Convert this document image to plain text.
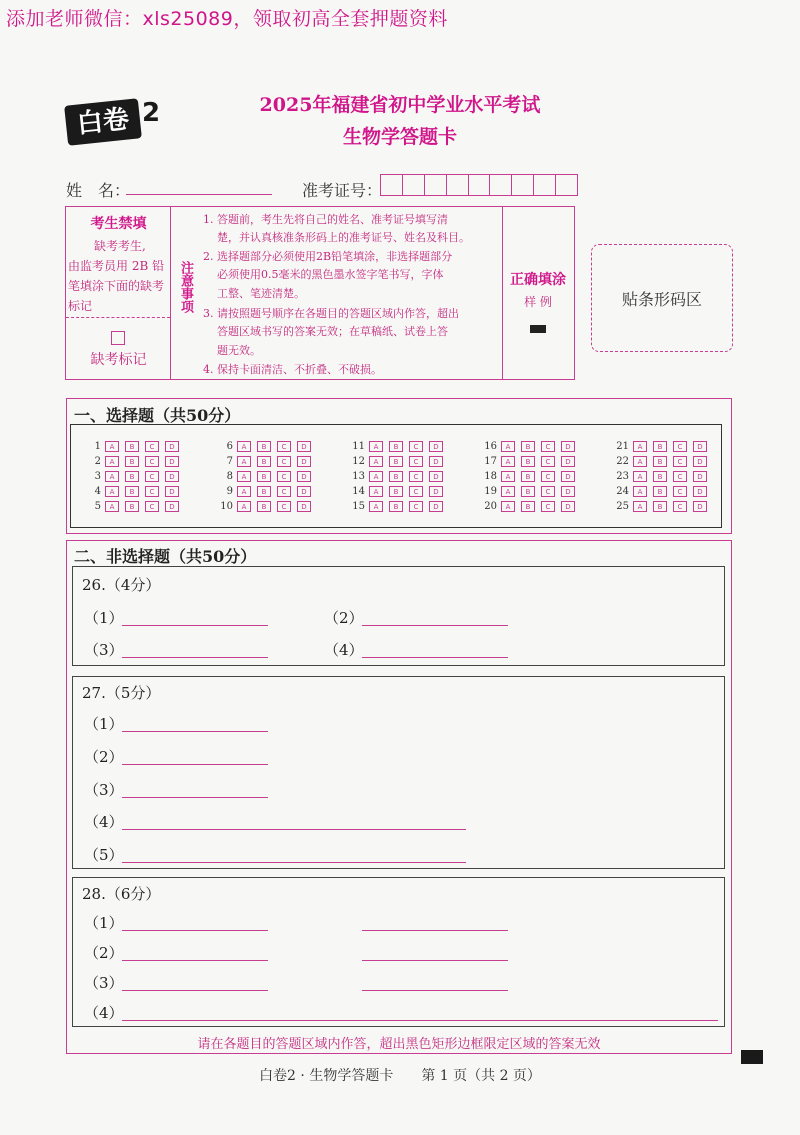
添加老师微信：xls25089，领取初高全套押题资料
白卷 2	2025年福建省初中学业水平考试
生物学答题卡
姓　名：	准考证号：
考生禁填
缺考考生,
由监考员用 2B 铅
笔填涂下面的缺考
标记
缺考标记
注意事项
1. 答题前，考生先将自己的姓名、准考证号填写清
楚，并认真核准条形码上的准考证号、姓名及科目。
2. 选择题部分必须使用2B铅笔填涂，非选择题部分
必须使用0.5毫米的黑色墨水签字笔书写，字体
工整、笔迹清楚。
3. 请按照题号顺序在各题目的答题区域内作答，超出
答题区域书写的答案无效；在草稿纸、试卷上答
题无效。
4. 保持卡面清洁、不折叠、不破损。
正确填涂
样 例	贴条形码区
一、选择题（共50分）
1	A	B	C	D
2	A	B	C	D
3	A	B	C	D
4	A	B	C	D
5	A	B	C	D
6	A	B	C	D
7	A	B	C	D
8	A	B	C	D
9	A	B	C	D
10	A	B	C	D
11	A	B	C	D
12	A	B	C	D
13	A	B	C	D
14	A	B	C	D
15	A	B	C	D
16	A	B	C	D
17	A	B	C	D
18	A	B	C	D
19	A	B	C	D
20	A	B	C	D
21	A	B	C	D
22	A	B	C	D
23	A	B	C	D
24	A	B	C	D
25	A	B	C	D
二、非选择题（共50分）
26.（4分）
（1）	（2）
（3）	（4）
27.（5分）
（1）
（2）
（3）
（4）
（5）
28.（6分）
（1）
（2）
（3）
（4）
请在各题目的答题区域内作答，超出黑色矩形边框限定区域的答案无效
白卷2 · 生物学答题卡　　第 1 页（共 2 页）
